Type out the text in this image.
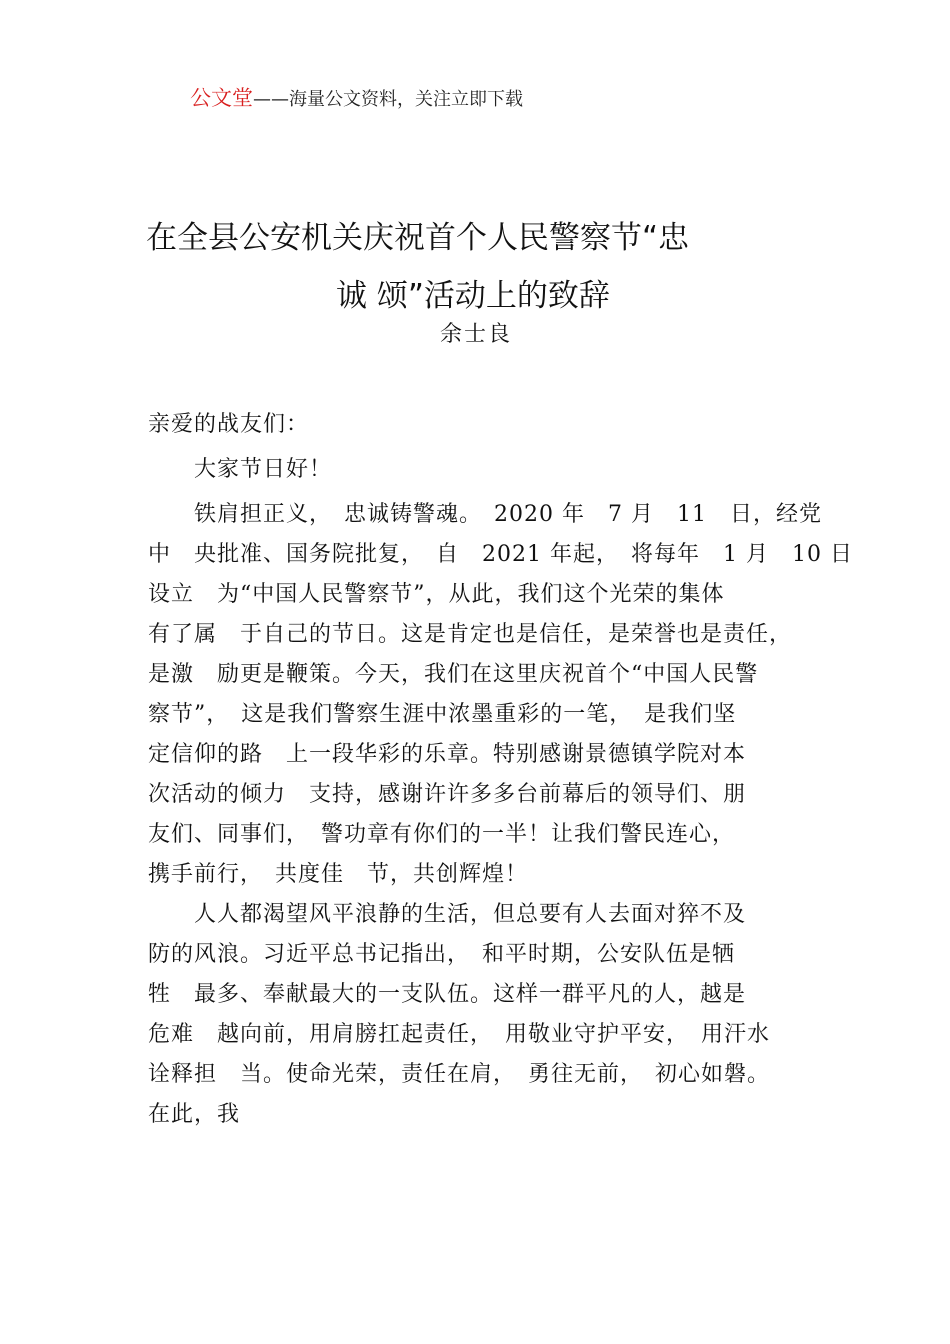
公文堂——海量公文资料，关注立即下载
在全县公安机关庆祝首个人民警察节“忠
诚 颂”活动上的致辞
余士良
亲爱的战友们：
　　大家节日好！
　　铁肩担正义，　忠诚铸警魂。　2020 年　7 月　11　日，经党
中　央批准、国务院批复，　自　2021 年起，　将每年　1 月　10 日
设立　为“中国人民警察节”，从此，我们这个光荣的集体
有了属　于自己的节日。这是肯定也是信任，是荣誉也是责任，
是激　励更是鞭策。今天，我们在这里庆祝首个“中国人民警
察节”，　这是我们警察生涯中浓墨重彩的一笔，　是我们坚
定信仰的路　上一段华彩的乐章。特别感谢景德镇学院对本
次活动的倾力　支持，感谢许许多多台前幕后的领导们、朋
友们、同事们，　警功章有你们的一半！让我们警民连心，
携手前行，　共度佳　节，共创辉煌！
　　人人都渴望风平浪静的生活，但总要有人去面对猝不及
防的风浪。习近平总书记指出，　和平时期，公安队伍是牺
牲　最多、奉献最大的一支队伍。这样一群平凡的人，越是
危难　越向前，用肩膀扛起责任，　用敬业守护平安，　用汗水
诠释担　当。使命光荣，责任在肩，　勇往无前，　初心如磐。
在此，我
